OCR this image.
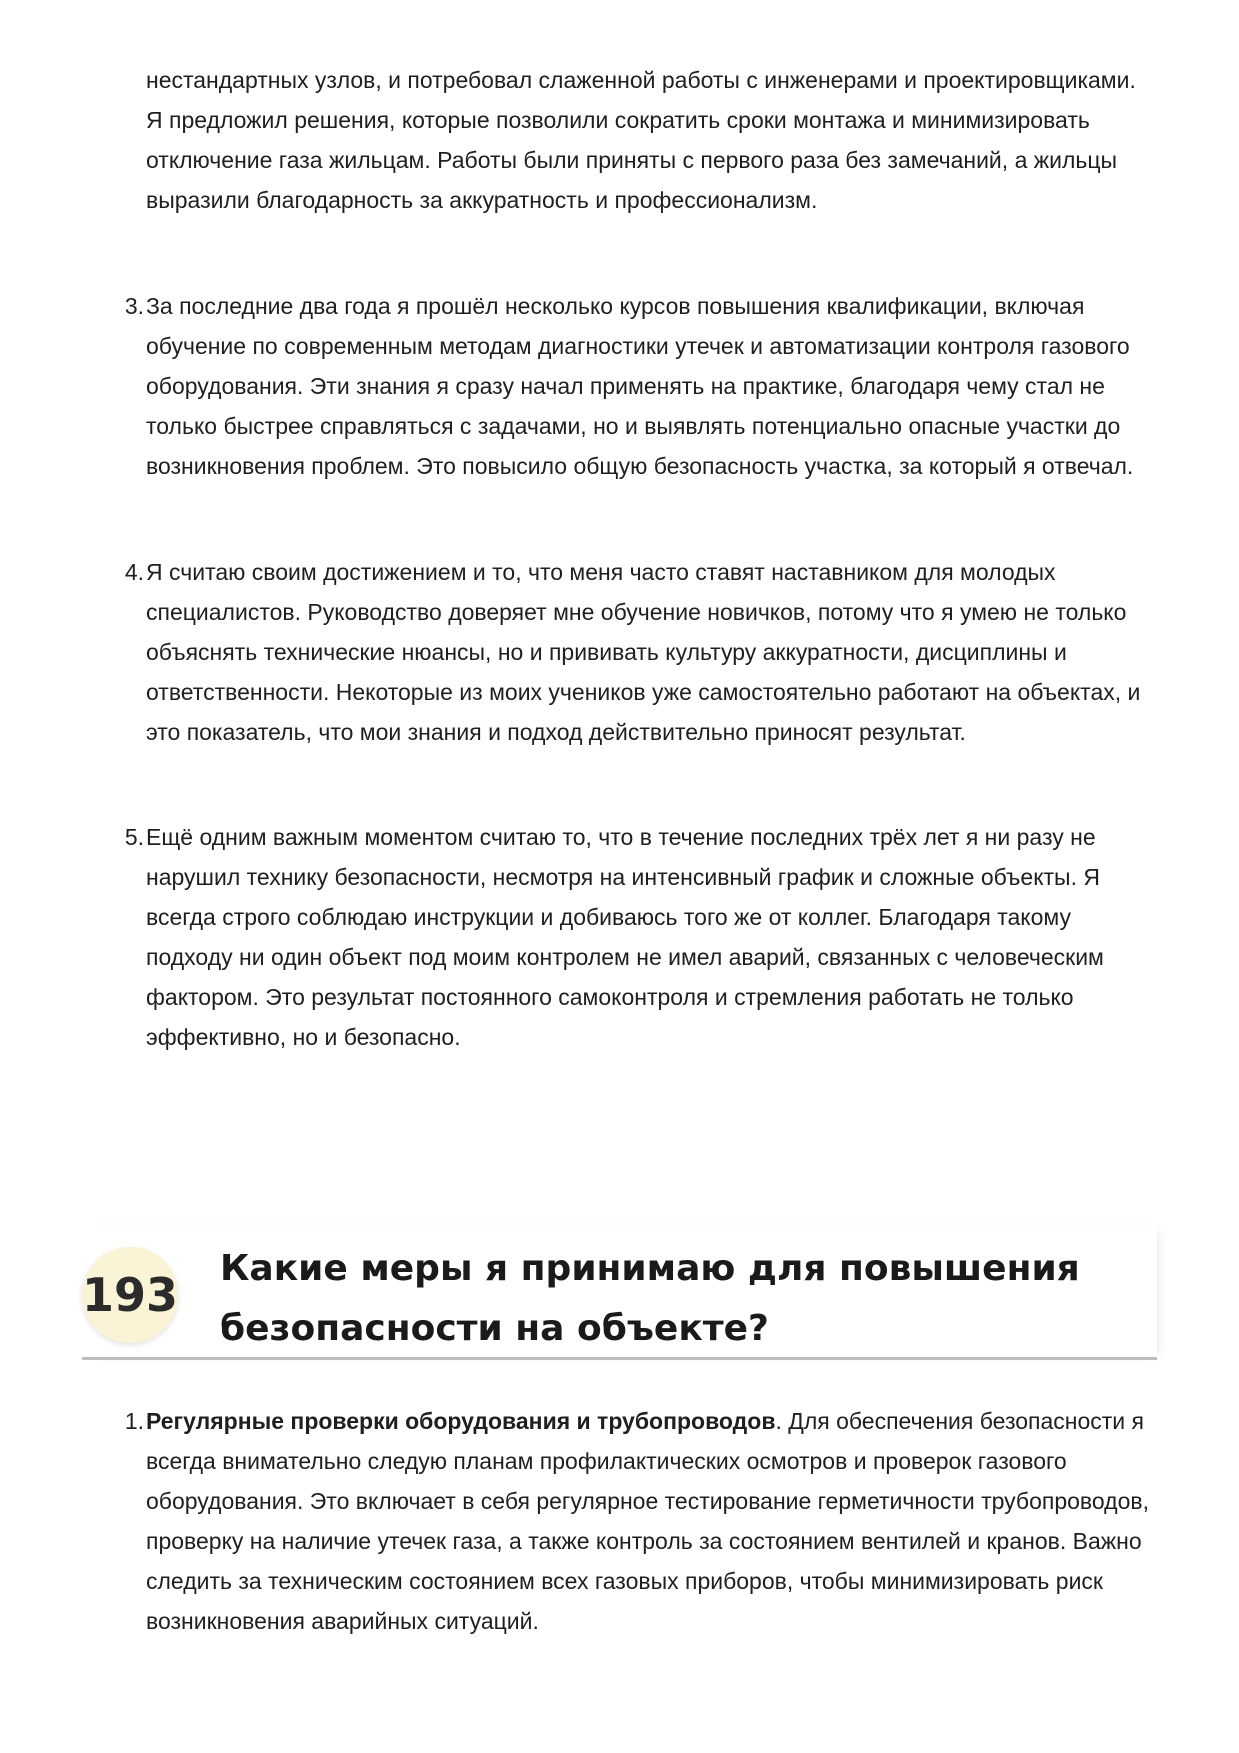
нестандартных узлов, и потребовал слаженной работы с инженерами и проектировщиками. Я предложил решения, которые позволили сократить сроки монтажа и минимизировать отключение газа жильцам. Работы были приняты с первого раза без замечаний, а жильцы выразили благодарность за аккуратность и профессионализм.
3. За последние два года я прошёл несколько курсов повышения квалификации, включая обучение по современным методам диагностики утечек и автоматизации контроля газового оборудования. Эти знания я сразу начал применять на практике, благодаря чему стал не только быстрее справляться с задачами, но и выявлять потенциально опасные участки до возникновения проблем. Это повысило общую безопасность участка, за который я отвечал.
4. Я считаю своим достижением и то, что меня часто ставят наставником для молодых специалистов. Руководство доверяет мне обучение новичков, потому что я умею не только объяснять технические нюансы, но и прививать культуру аккуратности, дисциплины и ответственности. Некоторые из моих учеников уже самостоятельно работают на объектах, и это показатель, что мои знания и подход действительно приносят результат.
5. Ещё одним важным моментом считаю то, что в течение последних трёх лет я ни разу не нарушил технику безопасности, несмотря на интенсивный график и сложные объекты. Я всегда строго соблюдаю инструкции и добиваюсь того же от коллег. Благодаря такому подходу ни один объект под моим контролем не имел аварий, связанных с человеческим фактором. Это результат постоянного самоконтроля и стремления работать не только эффективно, но и безопасно.
193 Какие меры я принимаю для повышения безопасности на объекте?
1. Регулярные проверки оборудования и трубопроводов. Для обеспечения безопасности я всегда внимательно следую планам профилактических осмотров и проверок газового оборудования. Это включает в себя регулярное тестирование герметичности трубопроводов, проверку на наличие утечек газа, а также контроль за состоянием вентилей и кранов. Важно следить за техническим состоянием всех газовых приборов, чтобы минимизировать риск возникновения аварийных ситуаций.
